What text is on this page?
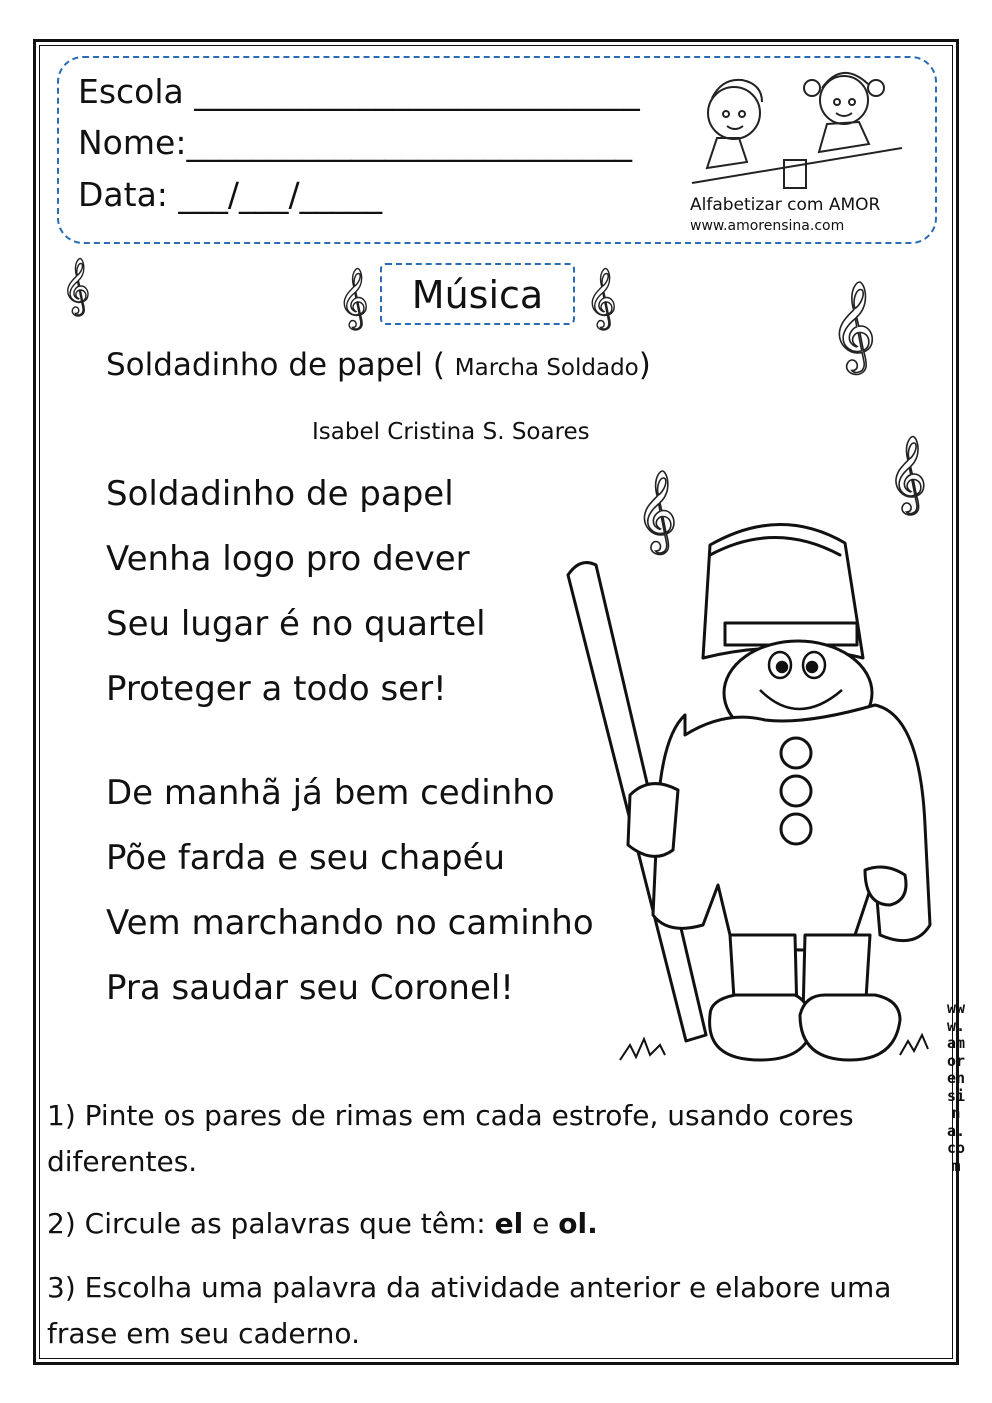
Escola ___________________________
Nome:___________________________
Data: ___/___/_____	Alfabetizar com AMOR
www.amorensina.com
𝄞	𝄞	𝄞	𝄞
𝄞
𝄞
Música
Soldadinho de papel ( Marcha Soldado)
Isabel Cristina S. Soares
Soldadinho de papel
Venha logo pro dever
Seu lugar é no quartel
Proteger a todo ser!
De manhã já bem cedinho
Põe farda e seu chapéu
Vem marchando no caminho
Pra saudar seu Coronel!	www.amorensina.com
1) Pinte os pares de rimas em cada estrofe, usando cores diferentes.
2) Circule as palavras que têm: el e ol.
3) Escolha uma palavra da atividade anterior e elabore uma frase em seu caderno.
